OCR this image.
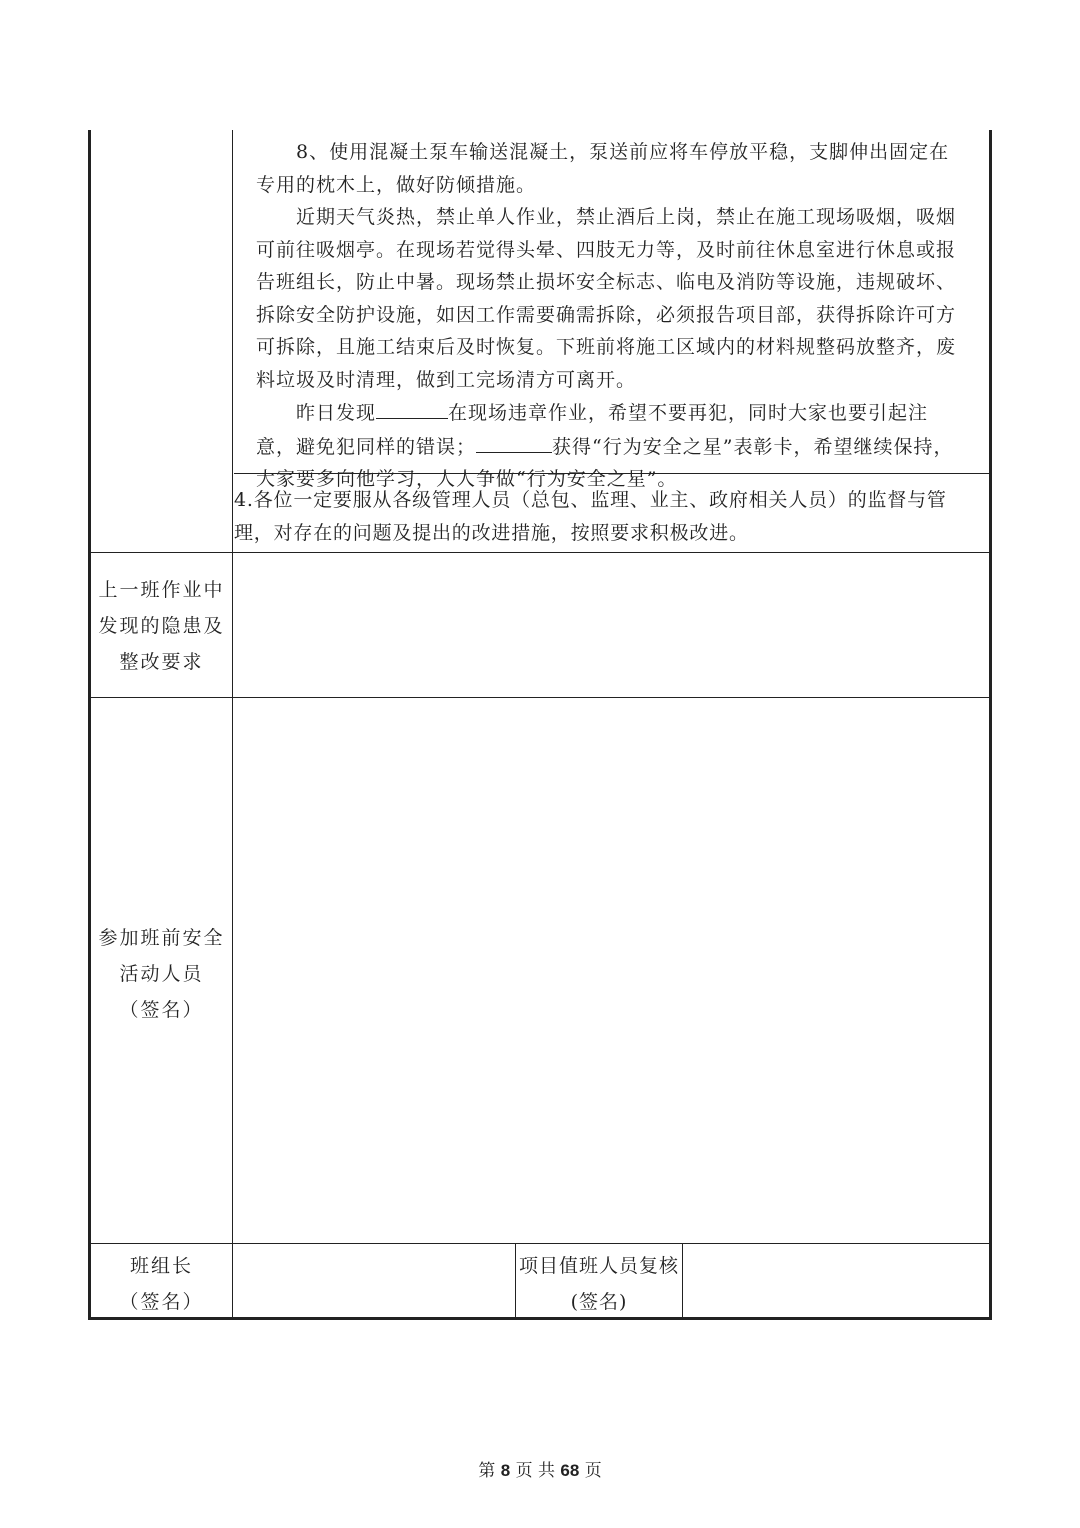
8、使用混凝土泵车输送混凝土，泵送前应将车停放平稳，支脚伸出固定在专用的枕木上，做好防倾措施。

近期天气炎热，禁止单人作业，禁止酒后上岗，禁止在施工现场吸烟，吸烟可前往吸烟亭。在现场若觉得头晕、四肢无力等，及时前往休息室进行休息或报告班组长，防止中暑。现场禁止损坏安全标志、临电及消防等设施，违规破坏、拆除安全防护设施，如因工作需要确需拆除，必须报告项目部，获得拆除许可方可拆除，且施工结束后及时恢复。下班前将施工区域内的材料规整码放整齐，废料垃圾及时清理，做到工完场清方可离开。

昨日发现	在现场违章作业，希望不要再犯，同时大家也要引起注意，避免犯同样的错误；	获得“行为安全之星”表彰卡，希望继续保持，大家要多向他学习，人人争做“行为安全之星”。

4.各位一定要服从各级管理人员（总包、监理、业主、政府相关人员）的监督与管理，对存在的问题及提出的改进措施，按照要求积极改进。

上一班作业中发现的隐患及整改要求
参加班前安全
活动人员
（签名）
班组长
（签名）
项目值班人员复核
(签名)
第 8 页 共 68 页
